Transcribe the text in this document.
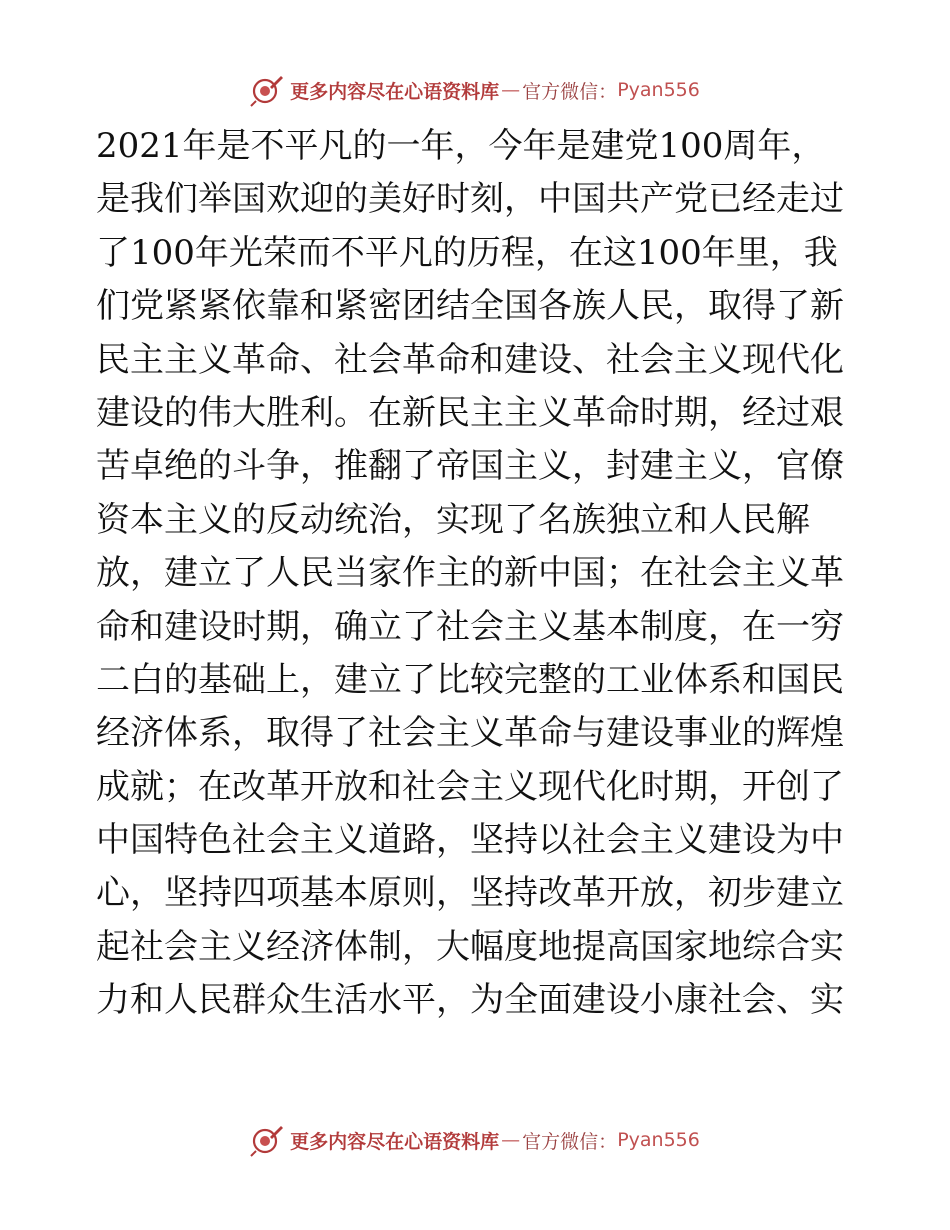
更多内容尽在心语资料库 — 官方微信： Pyan556
2021年是不平凡的一年，今年是建党100周年，
是我们举国欢迎的美好时刻，中国共产党已经走过
了100年光荣而不平凡的历程，在这100年里，我
们党紧紧依靠和紧密团结全国各族人民，取得了新
民主主义革命、社会革命和建设、社会主义现代化
建设的伟大胜利。在新民主主义革命时期，经过艰
苦卓绝的斗争，推翻了帝国主义，封建主义，官僚
资本主义的反动统治，实现了名族独立和人民解
放，建立了人民当家作主的新中国；在社会主义革
命和建设时期，确立了社会主义基本制度，在一穷
二白的基础上，建立了比较完整的工业体系和国民
经济体系，取得了社会主义革命与建设事业的辉煌
成就；在改革开放和社会主义现代化时期，开创了
中国特色社会主义道路，坚持以社会主义建设为中
心，坚持四项基本原则，坚持改革开放，初步建立
起社会主义经济体制，大幅度地提高国家地综合实
力和人民群众生活水平，为全面建设小康社会、实
更多内容尽在心语资料库 — 官方微信： Pyan556
